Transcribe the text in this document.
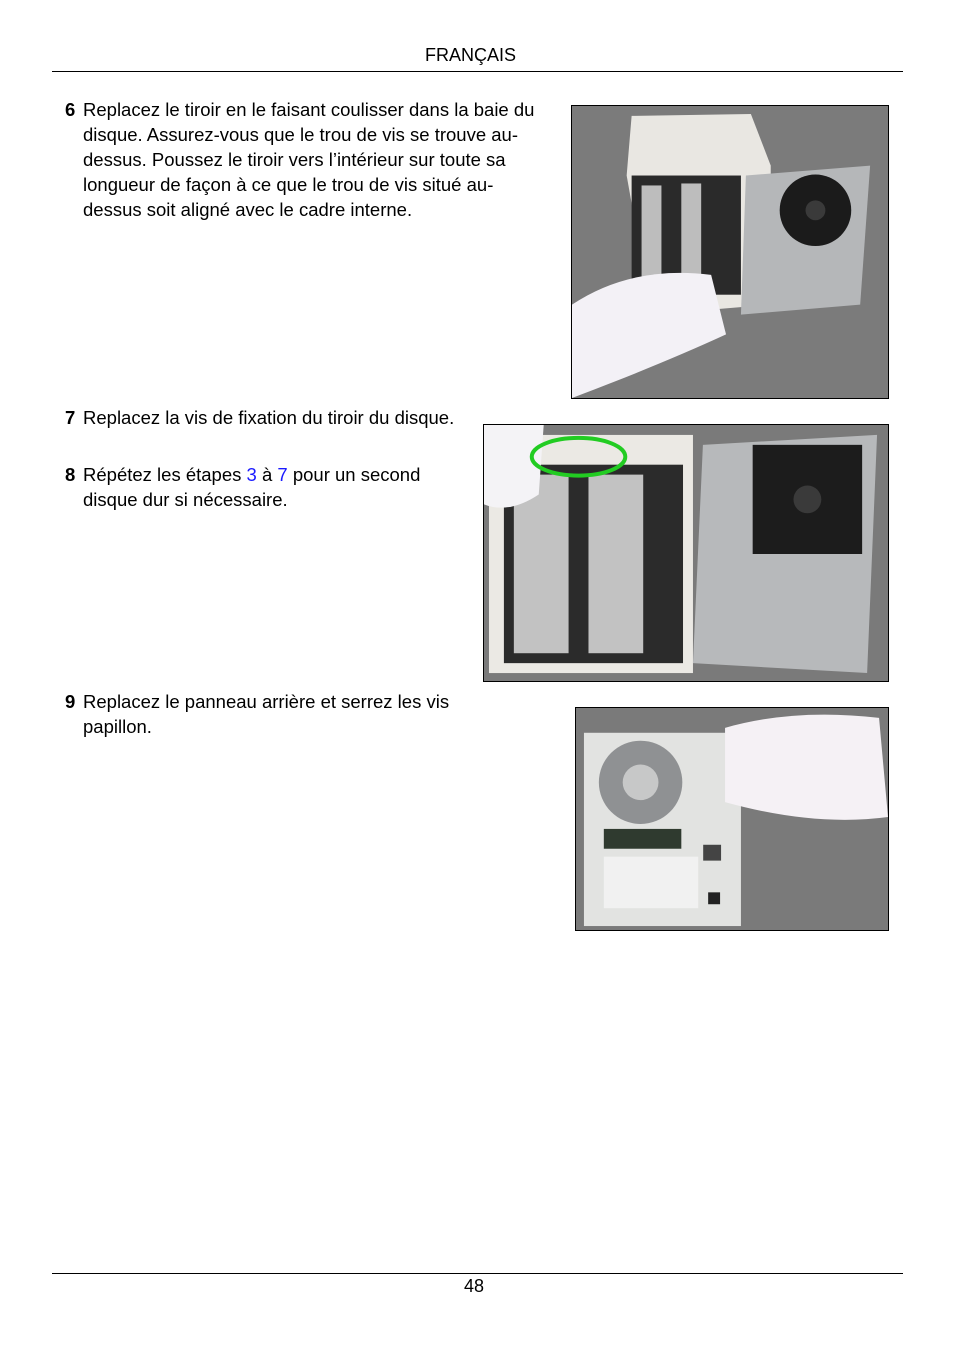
FRANÇAIS
6 Replacez le tiroir en le faisant coulisser dans la baie du disque. Assurez-vous que le trou de vis se trouve au-dessus. Poussez le tiroir vers l’intérieur sur toute sa longueur de façon à ce que le trou de vis situé au-dessus soit aligné avec le cadre interne.

7 Replacez la vis de fixation du tiroir du disque.

8 Répétez les étapes 3 à 7 pour un second disque dur si nécessaire.

9 Replacez le panneau arrière et serrez les vis papillon.

48
